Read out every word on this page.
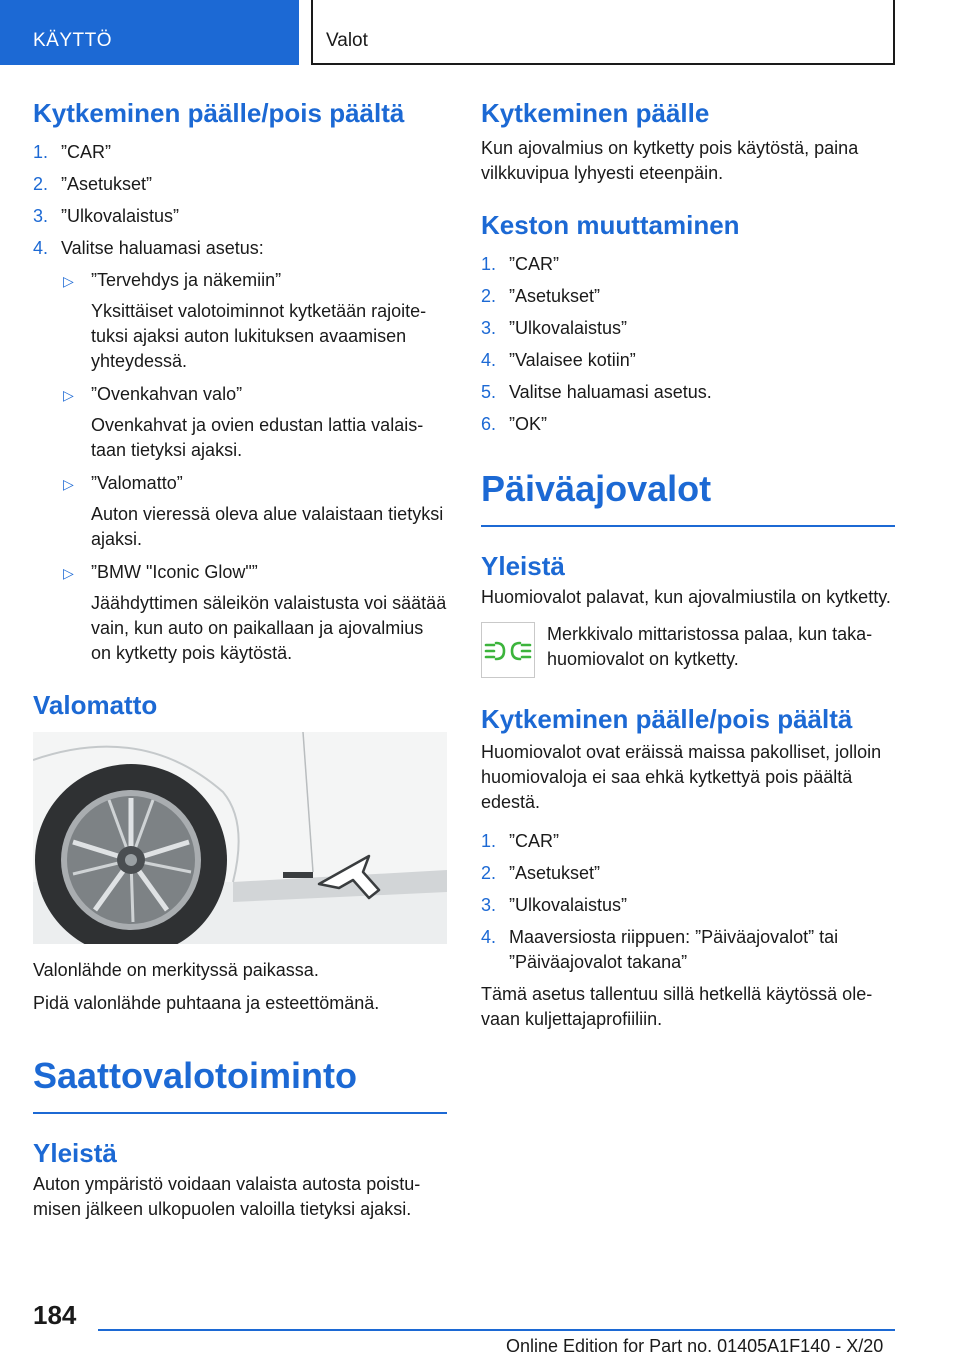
KÄYTTÖ	Valot
Kytkeminen päälle/pois päältä
1. ”CAR”
2. ”Asetukset”
3. ”Ulkovalaistus”
4. Valitse haluamasi asetus:
▷ ”Tervehdys ja näkemiin”
Yksittäiset valotoiminnot kytketään rajoitetuksi ajaksi auton lukituksen avaamisen yhteydessä.
▷ ”Ovenkahvan valo”
Ovenkahvat ja ovien edustan lattia valaistaan tietyksi ajaksi.
▷ ”Valomatto”
Auton vieressä oleva alue valaistaan tietyksi ajaksi.
▷ ”BMW "Iconic Glow"”
Jäähdyttimen säleikön valaistusta voi säätää vain, kun auto on paikallaan ja ajovalmius on kytketty pois käytöstä.
Valomatto

Valonlähde on merkityssä paikassa.

Pidä valonlähde puhtaana ja esteettömänä.

Saattovalotoiminto
Yleistä

Auton ympäristö voidaan valaista autosta poistumisen jälkeen ulkopuolen valoilla tietyksi ajaksi.

Kytkeminen päälle

Kun ajovalmius on kytketty pois käytöstä, paina vilkkuvipua lyhyesti eteenpäin.

Keston muuttaminen
1. ”CAR”
2. ”Asetukset”
3. ”Ulkovalaistus”
4. ”Valaisee kotiin”
5. Valitse haluamasi asetus.
6. ”OK”
Päiväajovalot
Yleistä

Huomiovalot palavat, kun ajovalmiustila on kytketty.

Merkkivalo mittaristossa palaa, kun takahuomiovalot on kytketty.

Kytkeminen päälle/pois päältä

Huomiovalot ovat eräissä maissa pakolliset, jolloin huomiovaloja ei saa ehkä kytkettyä pois päältä edestä.

1. ”CAR”
2. ”Asetukset”
3. ”Ulkovalaistus”
4. Maaversiosta riippuen: ”Päiväajovalot” tai ”Päiväajovalot takana”

Tämä asetus tallentuu sillä hetkellä käytössä olevaan kuljettajaprofiiliin.

184
Online Edition for Part no. 01405A1F140 - X/20
